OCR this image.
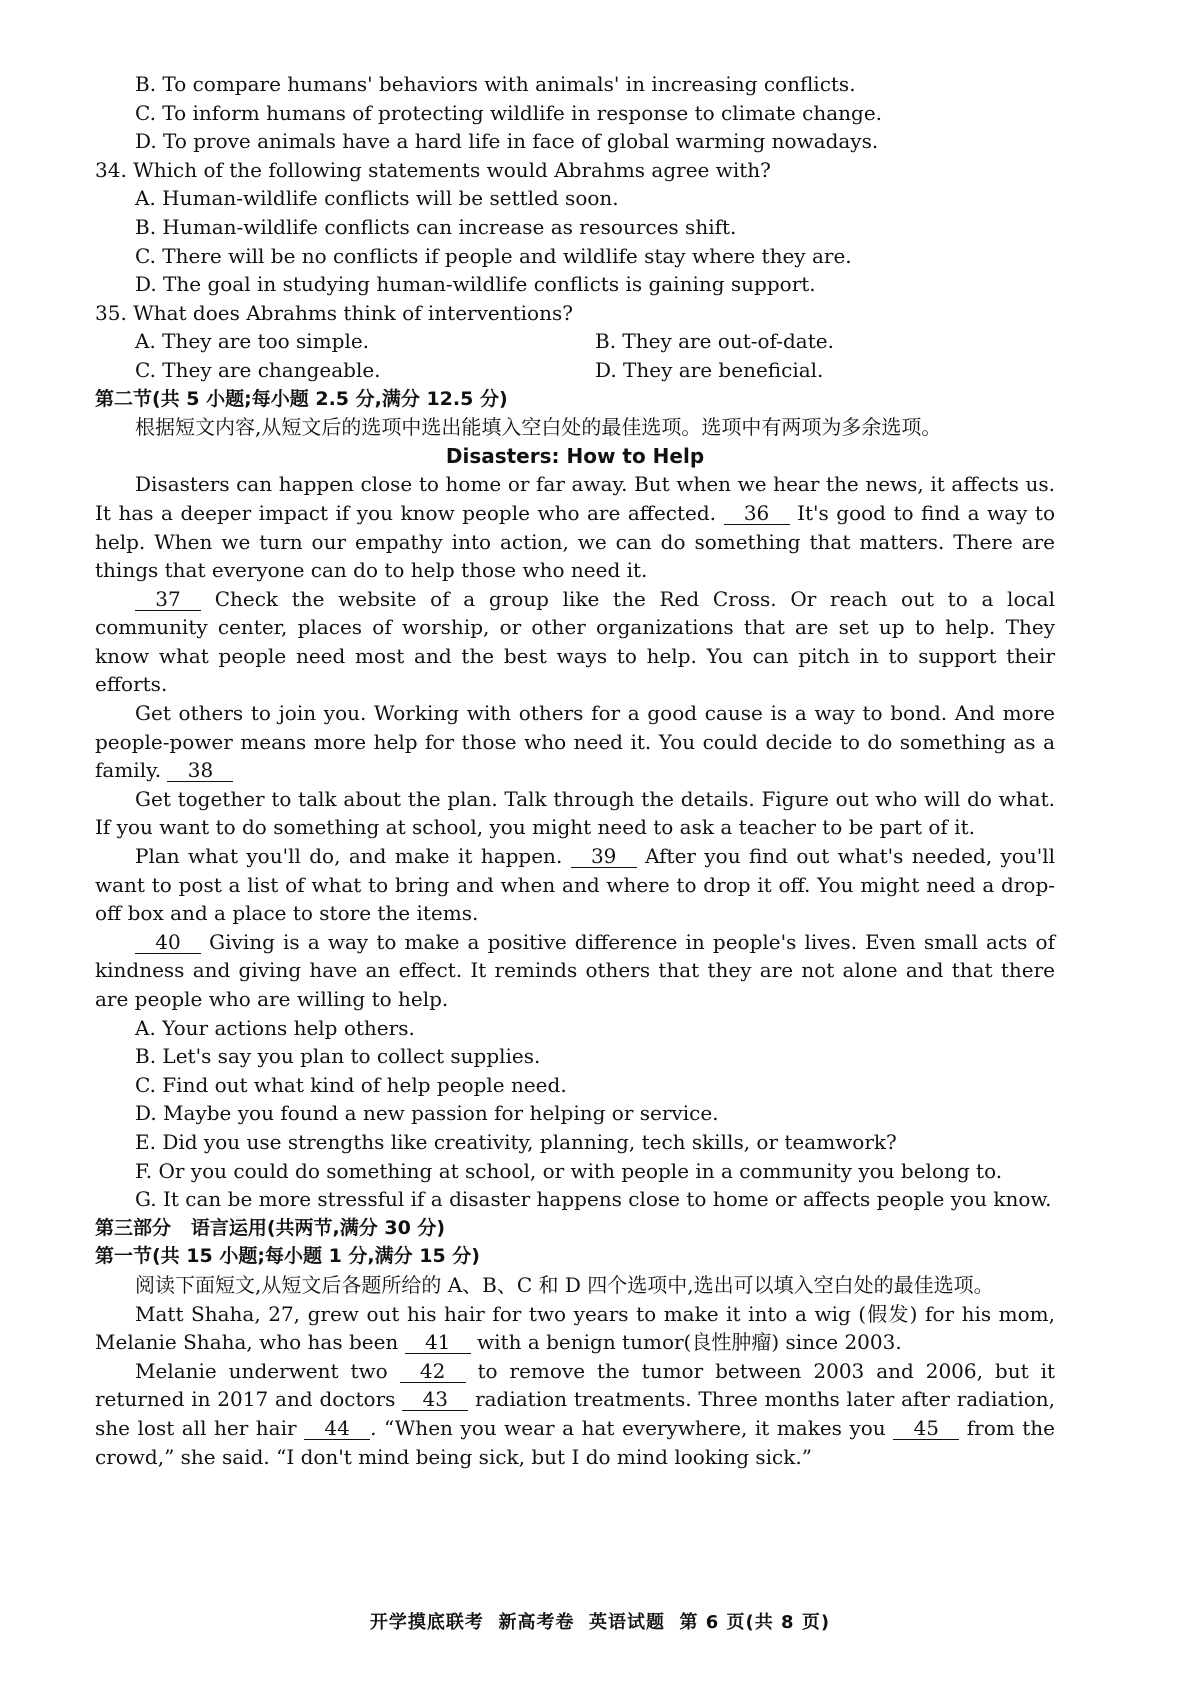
B. To compare humans' behaviors with animals' in increasing conflicts.
C. To inform humans of protecting wildlife in response to climate change.
D. To prove animals have a hard life in face of global warming nowadays.
34. Which of the following statements would Abrahms agree with?
A. Human-wildlife conflicts will be settled soon.
B. Human-wildlife conflicts can increase as resources shift.
C. There will be no conflicts if people and wildlife stay where they are.
D. The goal in studying human-wildlife conflicts is gaining support.
35. What does Abrahms think of interventions?
A. They are too simple.	B. They are out-of-date.
C. They are changeable.	D. They are beneficial.
第二节(共 5 小题;每小题 2.5 分,满分 12.5 分)
根据短文内容,从短文后的选项中选出能填入空白处的最佳选项。选项中有两项为多余选项。
Disasters: How to Help
Disasters can happen close to home or far away. But when we hear the news, it affects us. It has a deeper impact if you know people who are affected. 36 It's good to find a way to help. When we turn our empathy into action, we can do something that matters. There are things that everyone can do to help those who need it.
37 Check the website of a group like the Red Cross. Or reach out to a local community center, places of worship, or other organizations that are set up to help. They know what people need most and the best ways to help. You can pitch in to support their efforts.
Get others to join you. Working with others for a good cause is a way to bond. And more people-power means more help for those who need it. You could decide to do something as a family. 38
Get together to talk about the plan. Talk through the details. Figure out who will do what. If you want to do something at school, you might need to ask a teacher to be part of it.
Plan what you'll do, and make it happen. 39 After you find out what's needed, you'll want to post a list of what to bring and when and where to drop it off. You might need a drop-off box and a place to store the items.
40 Giving is a way to make a positive difference in people's lives. Even small acts of kindness and giving have an effect. It reminds others that they are not alone and that there are people who are willing to help.
A. Your actions help others.
B. Let's say you plan to collect supplies.
C. Find out what kind of help people need.
D. Maybe you found a new passion for helping or service.
E. Did you use strengths like creativity, planning, tech skills, or teamwork?
F. Or you could do something at school, or with people in a community you belong to.
G. It can be more stressful if a disaster happens close to home or affects people you know.
第三部分   语言运用(共两节,满分 30 分)
第一节(共 15 小题;每小题 1 分,满分 15 分)
阅读下面短文,从短文后各题所给的 A、B、C 和 D 四个选项中,选出可以填入空白处的最佳选项。
Matt Shaha, 27, grew out his hair for two years to make it into a wig (假发) for his mom, Melanie Shaha, who has been 41 with a benign tumor(良性肿瘤) since 2003.
Melanie underwent two 42 to remove the tumor between 2003 and 2006, but it returned in 2017 and doctors 43 radiation treatments. Three months later after radiation, she lost all her hair 44 . “When you wear a hat everywhere, it makes you 45 from the crowd,” she said. “I don't mind being sick, but I do mind looking sick.”
开学摸底联考  新高考卷  英语试题  第 6 页(共 8 页)
